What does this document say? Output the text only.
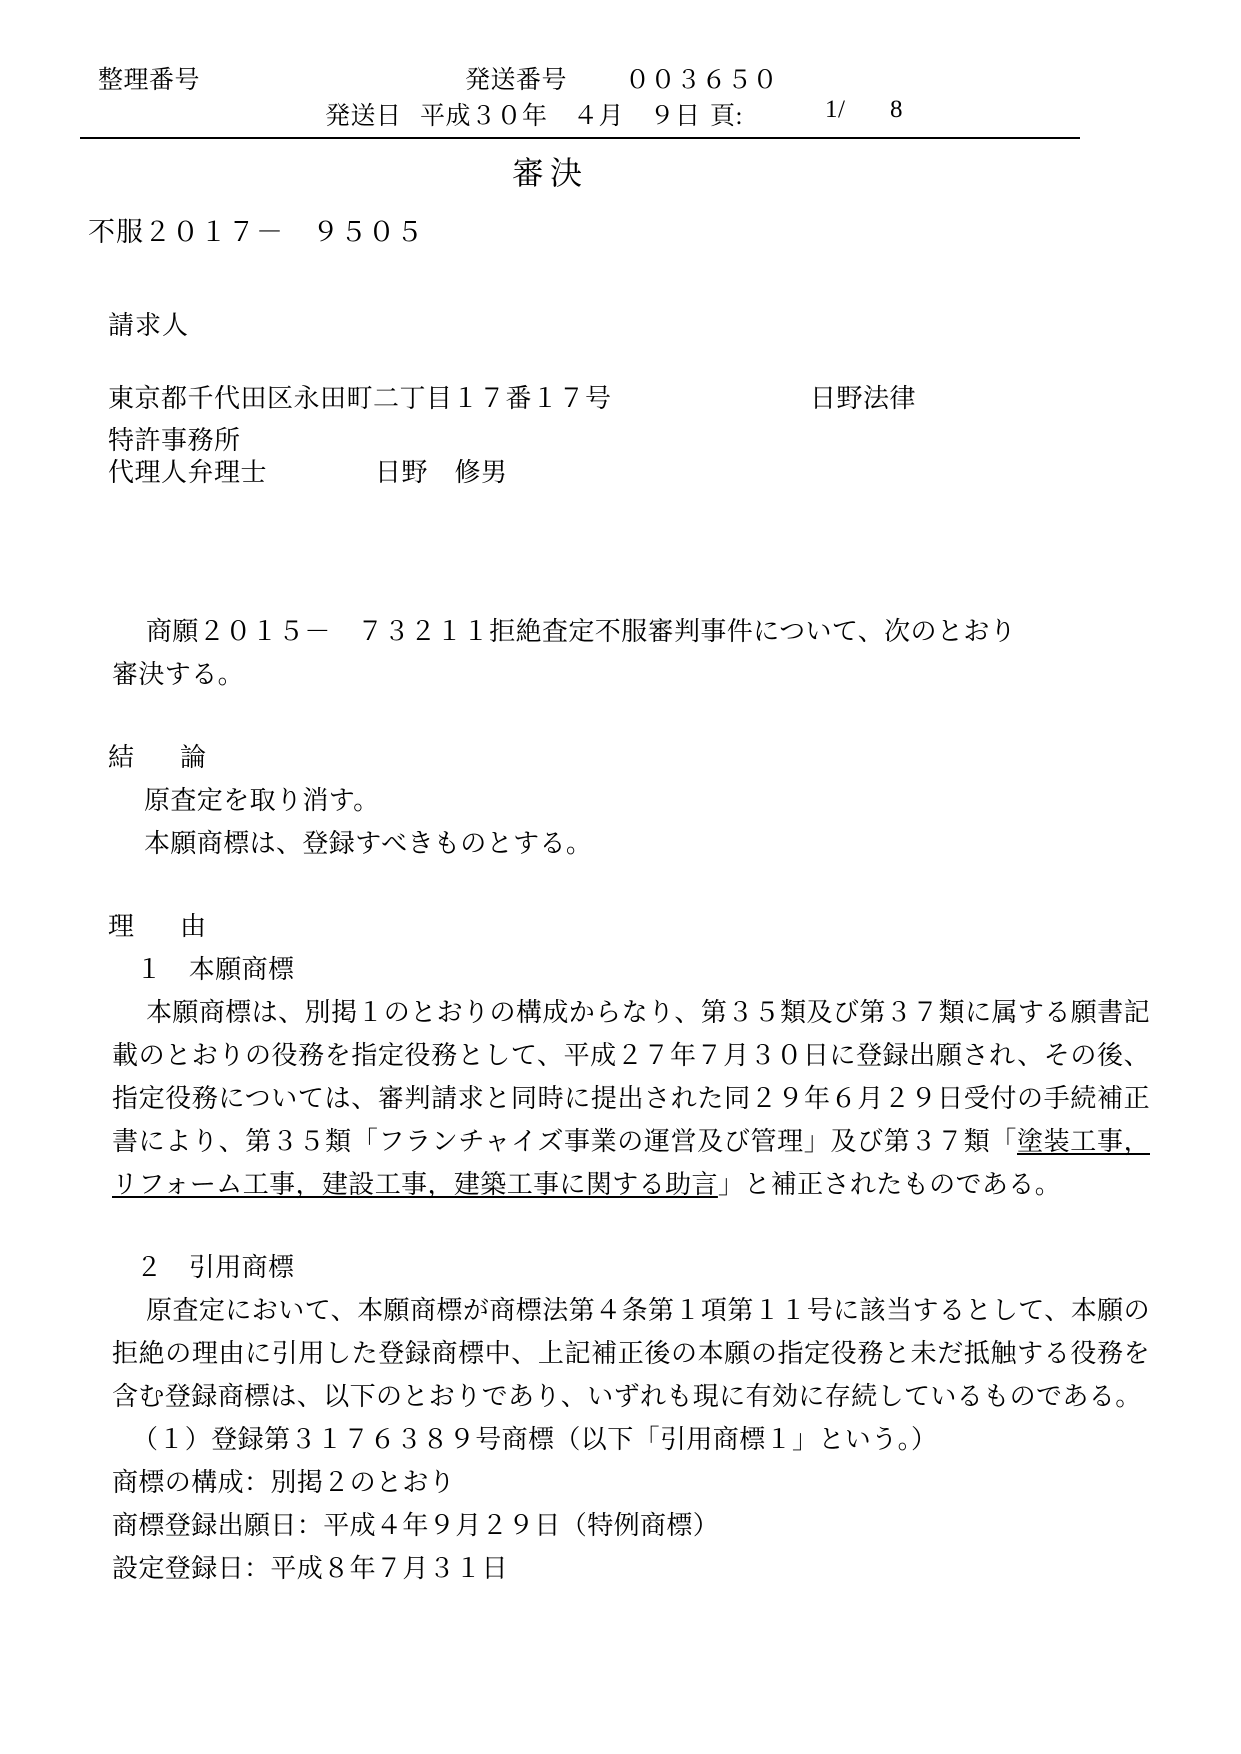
整理番号	発送番号 ００３６５０
発送日 平成３０年　４月　９日 頁:	1/ 8
審決
不服２０１７－　９５０５
請求人
東京都千代田区永田町二丁目１７番１７号	日野法律
特許事務所
代理人弁理士	日野　修男

商願２０１５－　７３２１１拒絶査定不服審判事件について、次のとおり

審決する。

結　論

原査定を取り消す。

本願商標は、登録すべきものとする。

理　由

１　本願商標

本願商標は、別掲１のとおりの構成からなり、第３５類及び第３７類に属する願書記載のとおりの役務を指定役務として、平成２７年７月３０日に登録出願され、その後、指定役務については、審判請求と同時に提出された同２９年６月２９日受付の手続補正書により、第３５類「フランチャイズ事業の運営及び管理」及び第３７類「塗装工事，リフォーム工事，建設工事，建築工事に関する助言」と補正されたものである。

２　引用商標

原査定において、本願商標が商標法第４条第１項第１１号に該当するとして、本願の拒絶の理由に引用した登録商標中、上記補正後の本願の指定役務と未だ抵触する役務を含む登録商標は、以下のとおりであり、いずれも現に有効に存続しているものである。

（１）登録第３１７６３８９号商標（以下「引用商標１」という。）

商標の構成：別掲２のとおり

商標登録出願日：平成４年９月２９日（特例商標）

設定登録日：平成８年７月３１日
